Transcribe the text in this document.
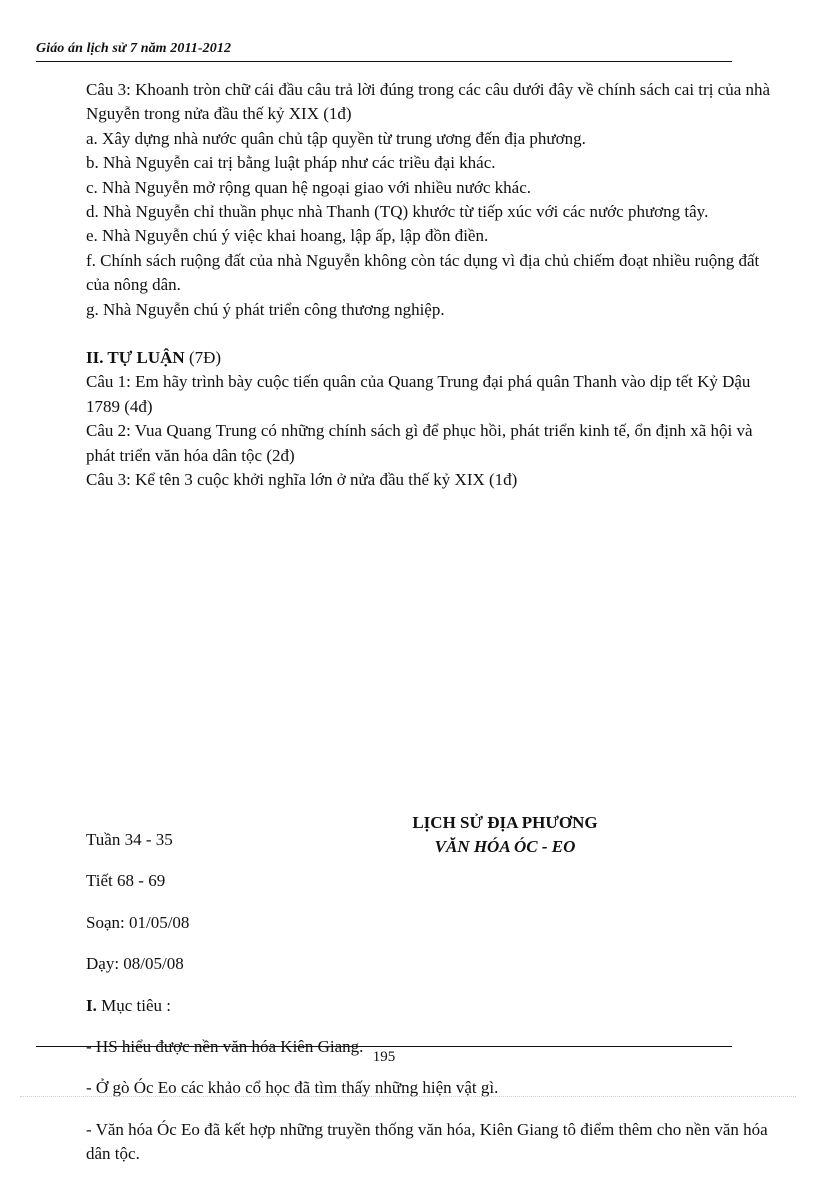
Giáo án lịch sử 7 năm 2011-2012

Câu 3: Khoanh tròn chữ cái đầu câu trả lời đúng trong các câu dưới đây về chính sách cai trị của nhà Nguyễn trong nửa đầu thế kỷ XIX (1đ)

a. Xây dựng nhà nước quân chủ tập quyền từ trung ương đến địa phương.

b. Nhà Nguyễn cai trị bằng luật pháp như các triều đại khác.

c. Nhà Nguyễn mở rộng quan hệ ngoại giao với nhiều nước khác.

d. Nhà Nguyễn chỉ thuần phục nhà Thanh (TQ) khước từ tiếp xúc với các nước phương tây.

e. Nhà Nguyễn chú ý việc khai hoang, lập ấp, lập đồn điền.

f. Chính sách ruộng đất của nhà Nguyễn không còn tác dụng vì địa chủ chiếm đoạt nhiều ruộng đất của nông dân.

g. Nhà Nguyễn chú ý phát triển công thương nghiệp.

II. TỰ LUẬN (7Đ)

Câu 1: Em hãy trình bày cuộc tiến quân của Quang Trung đại phá quân Thanh vào dịp tết Kỷ Dậu 1789 (4đ)

Câu 2: Vua Quang Trung có những chính sách gì để phục hồi, phát triển kinh tế, ổn định xã hội và phát triển văn hóa dân tộc (2đ)

Câu 3: Kể tên 3 cuộc khởi nghĩa lớn ở nửa đầu thế kỷ XIX (1đ)

Tuần 34 - 35

Tiết 68 - 69

Soạn: 01/05/08

Dạy: 08/05/08

I. Mục tiêu :

- HS hiểu được nền văn hóa Kiên Giang.

- Ở gò Óc Eo các khảo cổ học đã tìm thấy những hiện vật gì.

- Văn hóa Óc Eo đã kết hợp những truyền thống văn hóa, Kiên Giang tô điểm thêm cho nền văn hóa dân tộc.

LỊCH SỬ ĐỊA PHƯƠNG
VĂN HÓA ÓC - EO
195
